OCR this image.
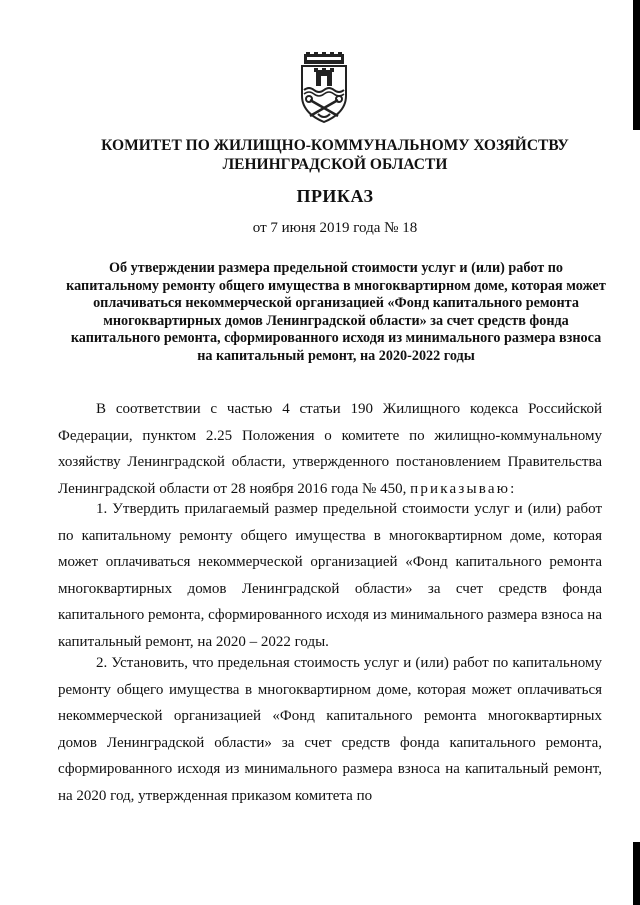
КОМИТЕТ ПО ЖИЛИЩНО-КОММУНАЛЬНОМУ ХОЗЯЙСТВУ
ЛЕНИНГРАДСКОЙ ОБЛАСТИ
ПРИКАЗ
от 7 июня 2019 года № 18
Об утверждении размера предельной стоимости услуг и (или) работ по капитальному ремонту общего имущества в многоквартирном доме, которая может оплачиваться некоммерческой организацией «Фонд капитального ремонта многоквартирных домов Ленинградской области» за счет средств фонда капитального ремонта, сформированного исходя из минимального размера взноса на капитальный ремонт, на 2020-2022 годы

В соответствии с частью 4 статьи 190 Жилищного кодекса Российской Федерации, пунктом 2.25 Положения о комитете по жилищно-коммунальному хозяйству Ленинградской области, утвержденного постановлением Правительства Ленинградской области от 28 ноября 2016 года № 450, приказываю:

1. Утвердить прилагаемый размер предельной стоимости услуг и (или) работ по капитальному ремонту общего имущества в многоквартирном доме, которая может оплачиваться некоммерческой организацией «Фонд капитального ремонта многоквартирных домов Ленинградской области» за счет средств фонда капитального ремонта, сформированного исходя из минимального размера взноса на капитальный ремонт, на 2020 – 2022 годы.

2. Установить, что предельная стоимость услуг и (или) работ по капитальному ремонту общего имущества в многоквартирном доме, которая может оплачиваться некоммерческой организацией «Фонд капитального ремонта многоквартирных домов Ленинградской области» за счет средств фонда капитального ремонта, сформированного исходя из минимального размера взноса на капитальный ремонт, на 2020 год, утвержденная приказом комитета по
